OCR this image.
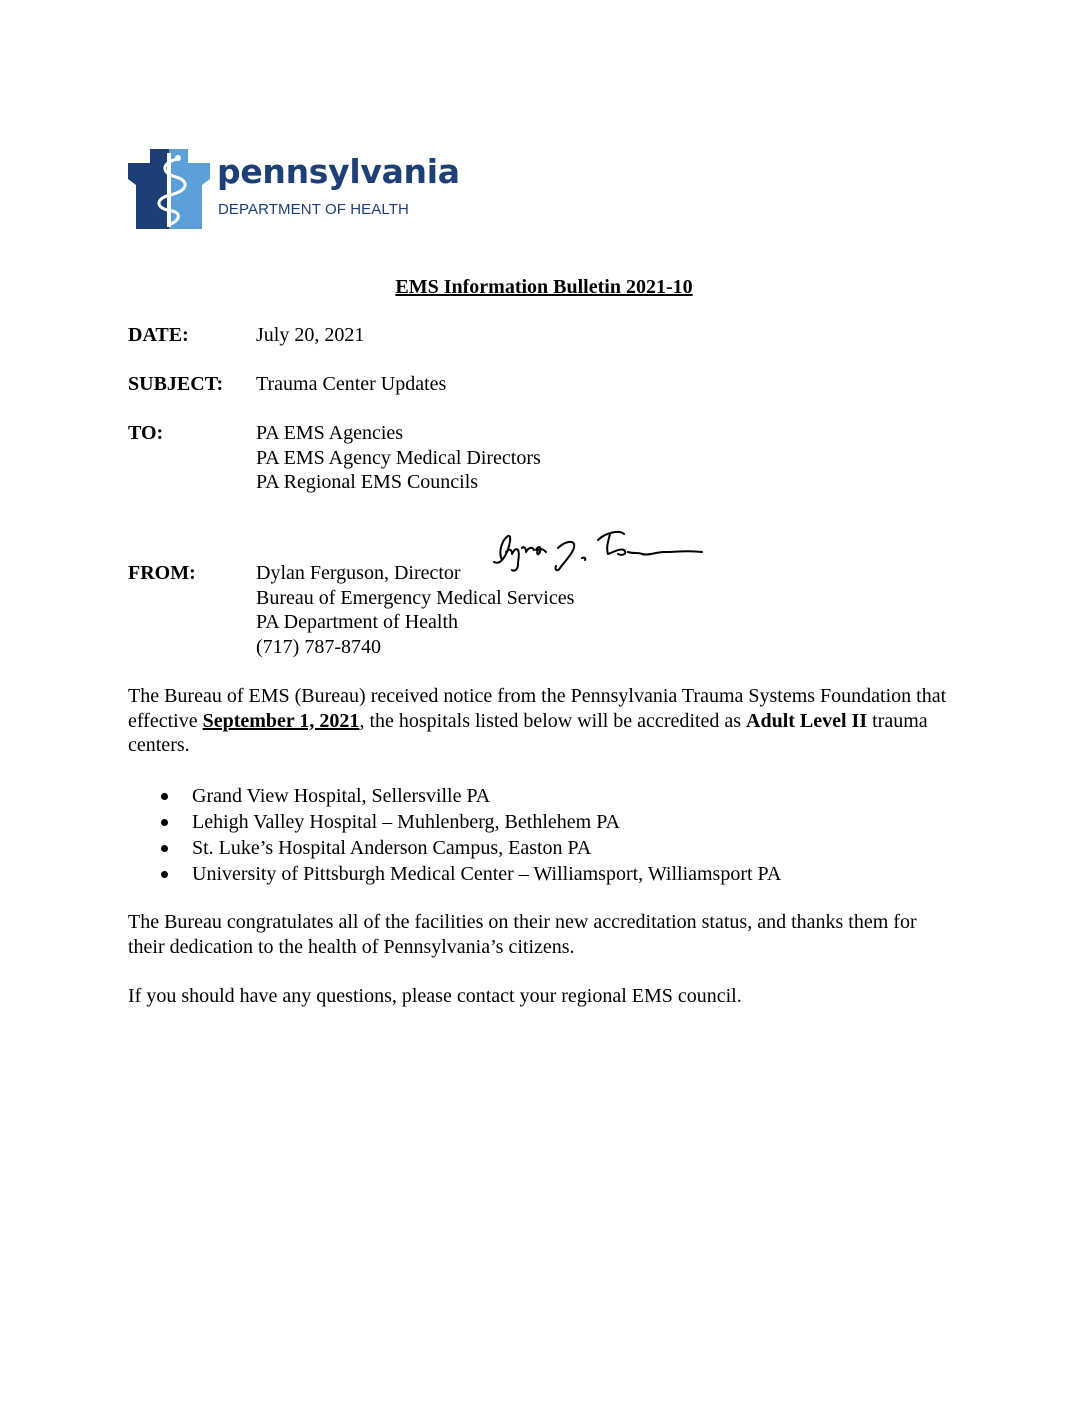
pennsylvania
DEPARTMENT OF HEALTH
EMS Information Bulletin 2021-10
DATE:	July 20, 2021
SUBJECT: Trauma Center Updates
TO:	PA EMS Agencies
PA EMS Agency Medical Directors
PA Regional EMS Councils
FROM:	Dylan Ferguson, Director
Bureau of Emergency Medical Services
PA Department of Health
(717) 787-8740
The Bureau of EMS (Bureau) received notice from the Pennsylvania Trauma Systems Foundation that effective September 1, 2021, the hospitals listed below will be accredited as Adult Level II trauma centers.
Grand View Hospital, Sellersville PA
Lehigh Valley Hospital – Muhlenberg, Bethlehem PA
St. Luke’s Hospital Anderson Campus, Easton PA
University of Pittsburgh Medical Center – Williamsport, Williamsport PA
The Bureau congratulates all of the facilities on their new accreditation status, and thanks them for their dedication to the health of Pennsylvania’s citizens.
If you should have any questions, please contact your regional EMS council.
